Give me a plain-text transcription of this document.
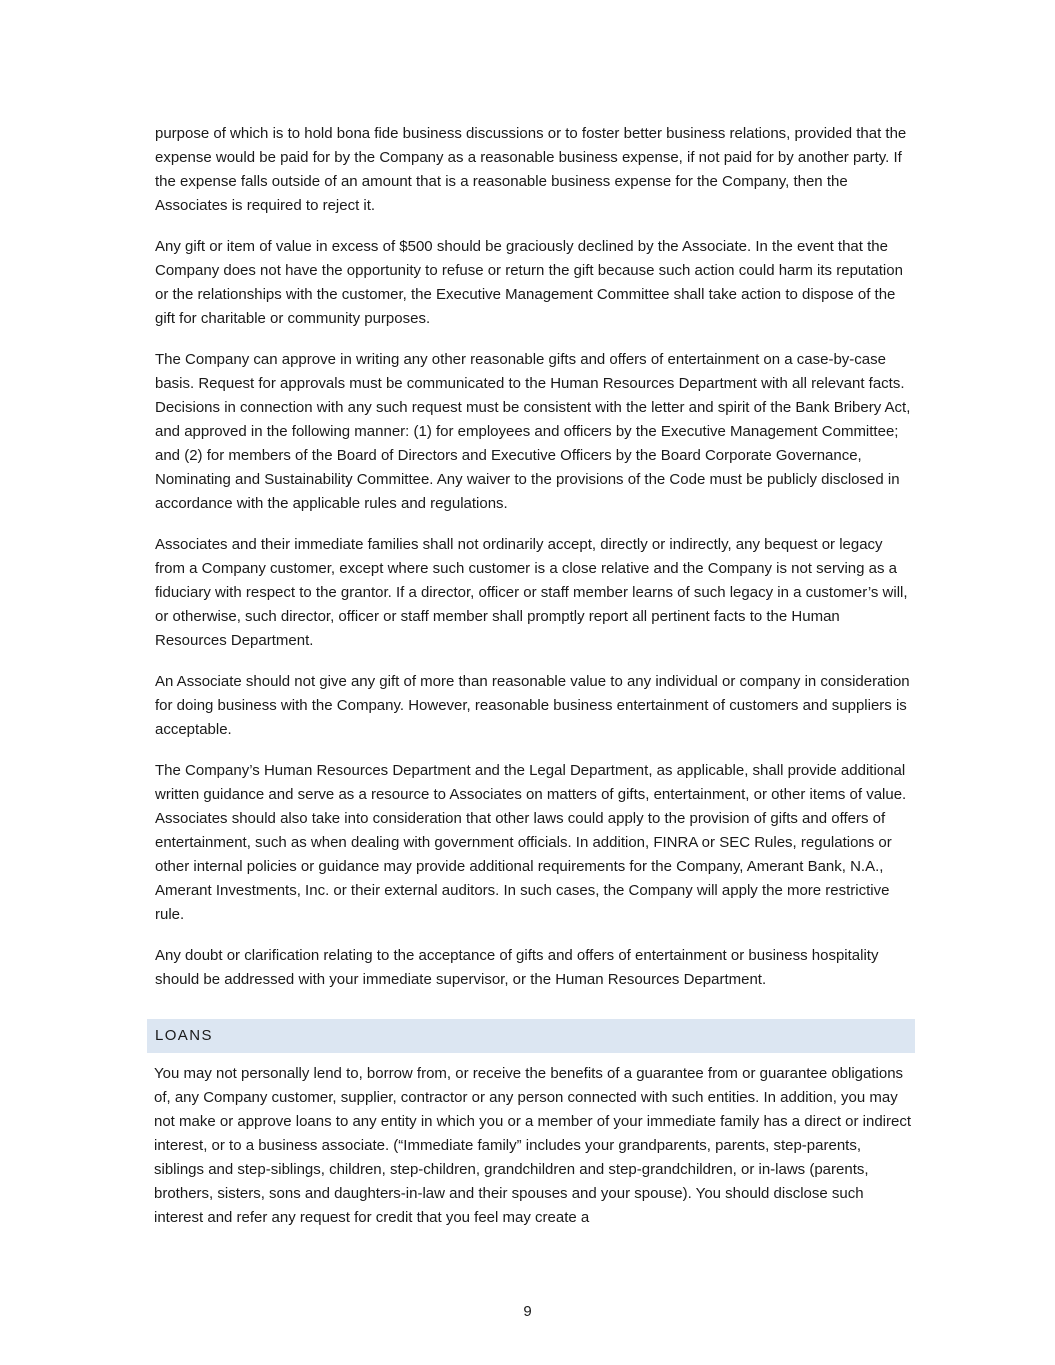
purpose of which is to hold bona fide business discussions or to foster better business relations, provided that the expense would be paid for by the Company as a reasonable business expense, if not paid for by another party. If the expense falls outside of an amount that is a reasonable business expense for the Company, then the Associates is required to reject it.

Any gift or item of value in excess of $500 should be graciously declined by the Associate. In the event that the Company does not have the opportunity to refuse or return the gift because such action could harm its reputation or the relationships with the customer, the Executive Management Committee shall take action to dispose of the gift for charitable or community purposes.

The Company can approve in writing any other reasonable gifts and offers of entertainment on a case-by-case basis. Request for approvals must be communicated to the Human Resources Department with all relevant facts. Decisions in connection with any such request must be consistent with the letter and spirit of the Bank Bribery Act, and approved in the following manner: (1) for employees and officers by the Executive Management Committee; and (2) for members of the Board of Directors and Executive Officers by the Board Corporate Governance, Nominating and Sustainability Committee. Any waiver to the provisions of the Code must be publicly disclosed in accordance with the applicable rules and regulations.

Associates and their immediate families shall not ordinarily accept, directly or indirectly, any bequest or legacy from a Company customer, except where such customer is a close relative and the Company is not serving as a fiduciary with respect to the grantor. If a director, officer or staff member learns of such legacy in a customer’s will, or otherwise, such director, officer or staff member shall promptly report all pertinent facts to the Human Resources Department.

An Associate should not give any gift of more than reasonable value to any individual or company in consideration for doing business with the Company. However, reasonable business entertainment of customers and suppliers is acceptable.

The Company’s Human Resources Department and the Legal Department, as applicable, shall provide additional written guidance and serve as a resource to Associates on matters of gifts, entertainment, or other items of value. Associates should also take into consideration that other laws could apply to the provision of gifts and offers of entertainment, such as when dealing with government officials. In addition, FINRA or SEC Rules, regulations or other internal policies or guidance may provide additional requirements for the Company, Amerant Bank, N.A., Amerant Investments, Inc. or their external auditors. In such cases, the Company will apply the more restrictive rule.

Any doubt or clarification relating to the acceptance of gifts and offers of entertainment or business hospitality should be addressed with your immediate supervisor, or the Human Resources Department.

LOANS

You may not personally lend to, borrow from, or receive the benefits of a guarantee from or guarantee obligations of, any Company customer, supplier, contractor or any person connected with such entities. In addition, you may not make or approve loans to any entity in which you or a member of your immediate family has a direct or indirect interest, or to a business associate. (“Immediate family” includes your grandparents, parents, step-parents, siblings and step-siblings, children, step-children, grandchildren and step-grandchildren, or in-laws (parents, brothers, sisters, sons and daughters-in-law and their spouses and your spouse). You should disclose such interest and refer any request for credit that you feel may create a

9
